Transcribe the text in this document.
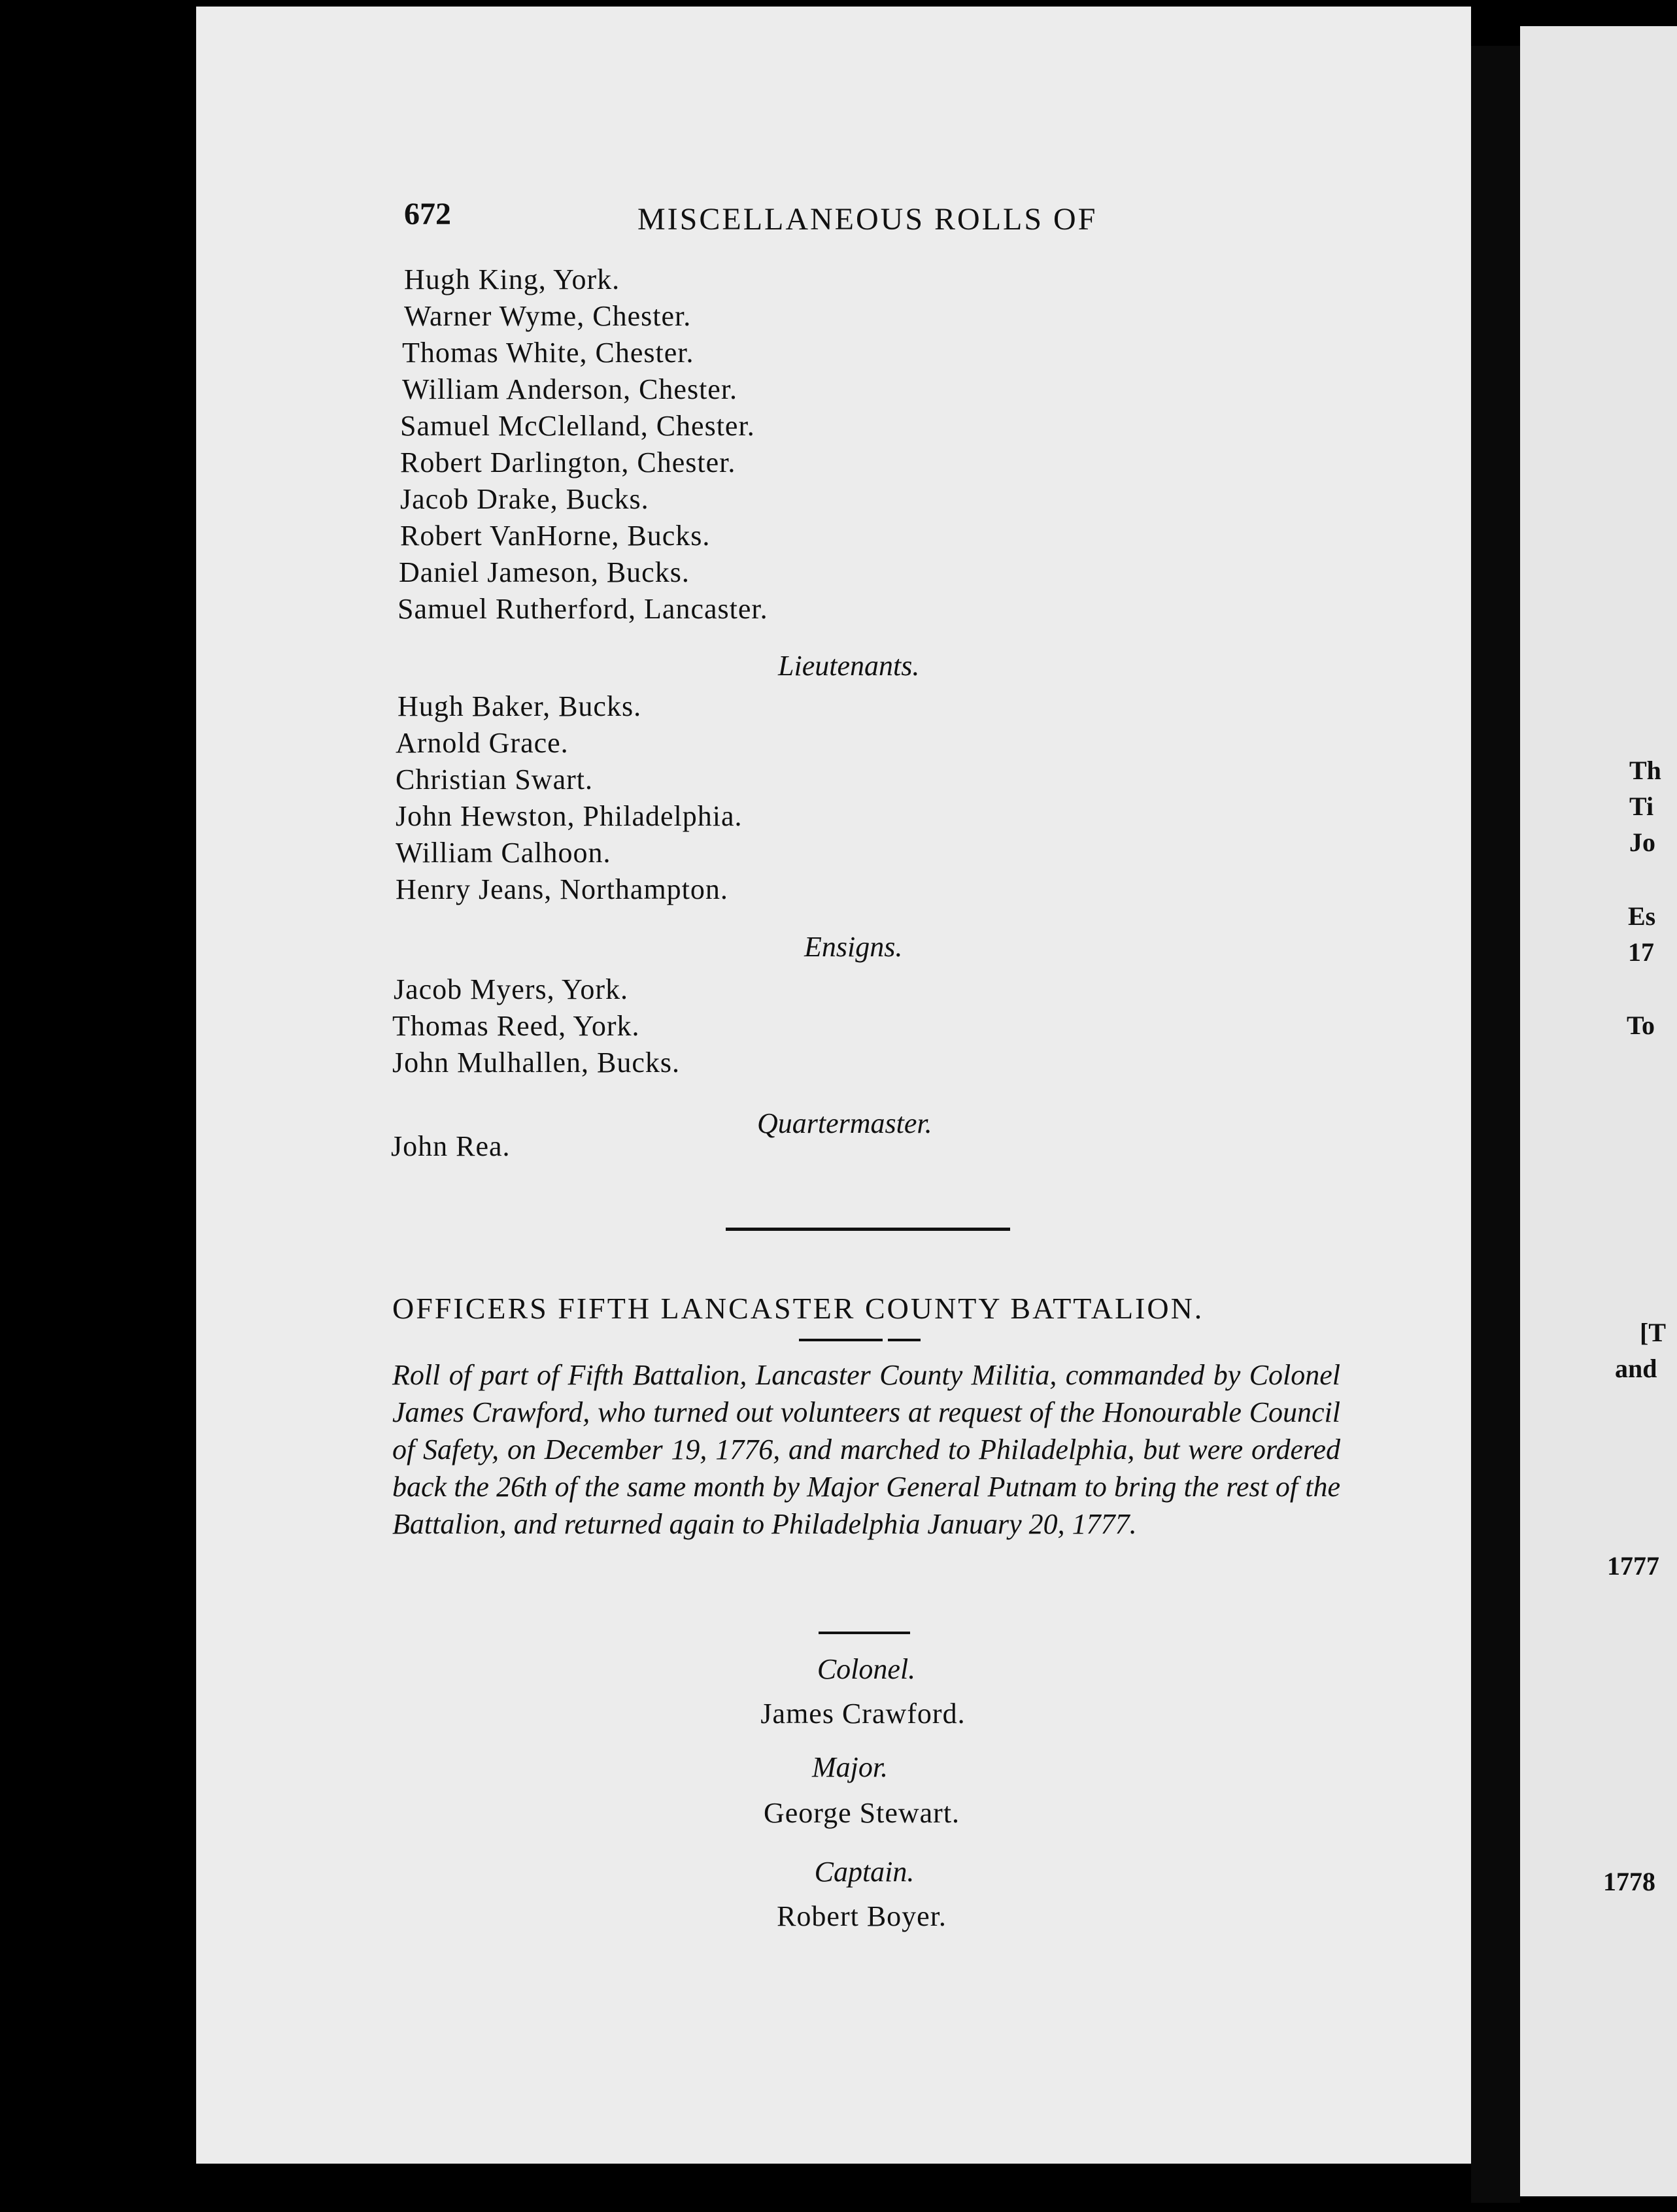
672	MISCELLANEOUS ROLLS OF
Hugh King, York.
Warner Wyme, Chester.
Thomas White, Chester.
William Anderson, Chester.
Samuel McClelland, Chester.
Robert Darlington, Chester.
Jacob Drake, Bucks.
Robert VanHorne, Bucks.
Daniel Jameson, Bucks.
Samuel Rutherford, Lancaster.
Lieutenants.
Hugh Baker, Bucks.
Arnold Grace.
Christian Swart.
John Hewston, Philadelphia.
William Calhoon.
Henry Jeans, Northampton.
Ensigns.
Jacob Myers, York.
Thomas Reed, York.
John Mulhallen, Bucks.
Quartermaster.
John Rea.
OFFICERS FIFTH LANCASTER COUNTY BATTALION.
Roll of part of Fifth Battalion, Lancaster County Militia, commanded by Colonel James Crawford, who turned out volunteers at request of the Honourable Council of Safety, on December 19, 1776, and marched to Philadelphia, but were ordered back the 26th of the same month by Major General Putnam to bring the rest of the Battalion, and returned again to Philadelphia January 20, 1777.
Colonel.
James Crawford.
Major.
George Stewart.
Captain.
Robert Boyer.
Th
Ti
Jo
Es
17
To
[T
and
1777
1778
